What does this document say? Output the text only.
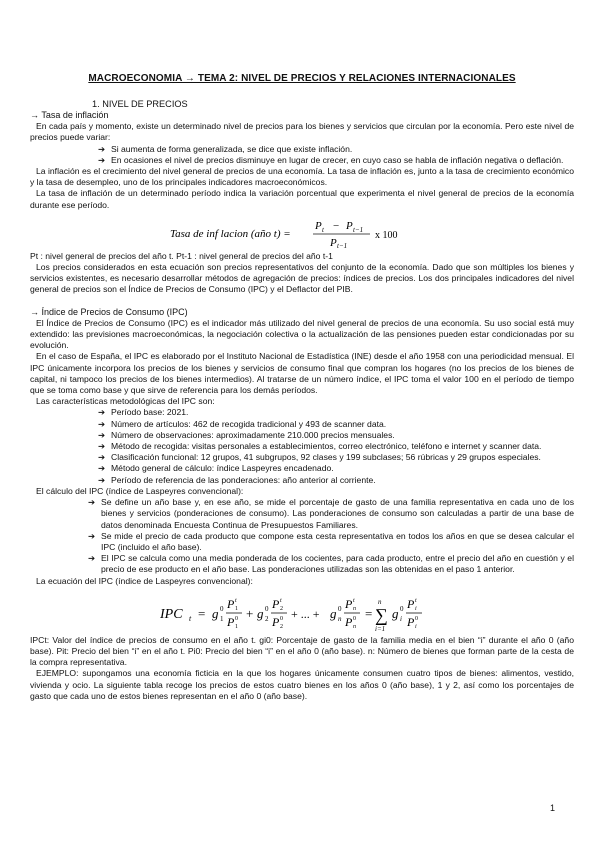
MACROECONOMIA → TEMA 2: NIVEL DE PRECIOS Y RELACIONES INTERNACIONALES
1. NIVEL DE PRECIOS

→ Tasa de inflación

En cada país y momento, existe un determinado nivel de precios para los bienes y servicios que circulan por la economía. Pero este nivel de precios puede variar:

➔ Si aumenta de forma generalizada, se dice que existe inflación.
➔ En ocasiones el nivel de precios disminuye en lugar de crecer, en cuyo caso se habla de inflación negativa o deflación.

La inflación es el crecimiento del nivel general de precios de una economía. La tasa de inflación es, junto a la tasa de crecimiento económico y la tasa de desempleo, uno de los principales indicadores macroeconómicos.

La tasa de inflación de un determinado período indica la variación porcentual que experimenta el nivel general de precios de la economía durante ese período.

Tasa de inf lacion (año t) =
P t − P t−1
P t−1
x 100

Pt : nivel general de precios del año t. Pt-1 : nivel general de precios del año t-1

Los precios considerados en esta ecuación son precios representativos del conjunto de la economía. Dado que son múltiples los bienes y servicios existentes, es necesario desarrollar métodos de agregación de precios: índices de precios. Los dos principales indicadores del nivel general de precios son el Índice de Precios de Consumo (IPC) y el Deflactor del PIB.

→ Índice de Precios de Consumo (IPC)

El Índice de Precios de Consumo (IPC) es el indicador más utilizado del nivel general de precios de una economía. Su uso social está muy extendido: las previsiones macroeconómicas, la negociación colectiva o la actualización de las pensiones pueden estar condicionadas por su evolución.

En el caso de España, el IPC es elaborado por el Instituto Nacional de Estadística (INE) desde el año 1958 con una periodicidad mensual. El IPC únicamente incorpora los precios de los bienes y servicios de consumo final que compran los hogares (no los precios de los bienes de capital, ni tampoco los precios de los bienes intermedios). Al tratarse de un número índice, el IPC toma el valor 100 en el período de tiempo que se toma como base y que sirve de referencia para los demás períodos.

Las características metodológicas del IPC son:

➔ Período base: 2021.
➔ Número de artículos: 462 de recogida tradicional y 493 de scanner data.
➔ Número de observaciones: aproximadamente 210.000 precios mensuales.
➔ Método de recogida: visitas personales a establecimientos, correo electrónico, teléfono e internet y scanner data.
➔ Clasificación funcional: 12 grupos, 41 subgrupos, 92 clases y 199 subclases; 56 rúbricas y 29 grupos especiales.
➔ Método general de cálculo: índice Laspeyres encadenado.
➔ Período de referencia de las ponderaciones: año anterior al corriente.

El cálculo del IPC (índice de Laspeyres convencional):

➔ Se define un año base y, en ese año, se mide el porcentaje de gasto de una familia representativa en cada uno de los bienes y servicios (ponderaciones de consumo). Las ponderaciones de consumo son calculadas a partir de una base de datos denominada Encuesta Continua de Presupuestos Familiares.
➔ Se mide el precio de cada producto que compone esta cesta representativa en todos los años en que se desea calcular el IPC (incluido el año base).
➔ El IPC se calcula como una media ponderada de los cocientes, para cada producto, entre el precio del año en cuestión y el precio de ese producto en el año base. Las ponderaciones utilizadas son las obtenidas en el paso 1 anterior.

La ecuación del IPC (índice de Laspeyres convencional):

IPC t = g 1
0 P 1
t
P 1
0 + g 2
0 P 2
t
P 2
0 + ... + g n
0 P n
t
P n
0 =
n
∑
i=1
g i
0 P i
t
P i
0

IPCt: Valor del índice de precios de consumo en el año t. gi0: Porcentaje de gasto de la familia media en el bien “i” durante el año 0 (año base). Pit: Precio del bien “i” en el año t. Pi0: Precio del bien “i” en el año 0 (año base). n: Número de bienes que forman parte de la cesta de la compra representativa.

EJEMPLO: supongamos una economía ficticia en la que los hogares únicamente consumen cuatro tipos de bienes: alimentos, vestido, vivienda y ocio. La siguiente tabla recoge los precios de estos cuatro bienes en los años 0 (año base), 1 y 2, así como los porcentajes de gasto que cada uno de estos bienes representan en el año 0 (año base).

1
